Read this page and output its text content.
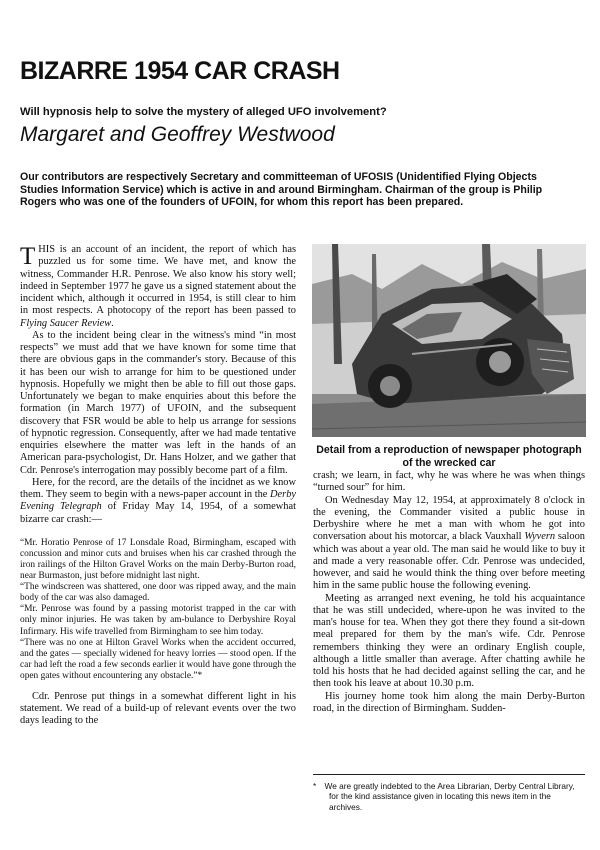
BIZARRE 1954 CAR CRASH
Will hypnosis help to solve the mystery of alleged UFO involvement?
Margaret and Geoffrey Westwood

Our contributors are respectively Secretary and committeeman of UFOSIS (Unidentified Flying Objects Studies Information Service) which is active in and around Birmingham. Chairman of the group is Philip Rogers who was one of the founders of UFOIN, for whom this report has been prepared.

THIS is an account of an incident, the report of which has puzzled us for some time. We have met, and know the witness, Commander H.R. Penrose. We also know his story well; indeed in September 1977 he gave us a signed statement about the incident which, although it occurred in 1954, is still clear to him in most respects. A photocopy of the report has been passed to Flying Saucer Review.

As to the incident being clear in the witness's mind “in most respects” we must add that we have known for some time that there are obvious gaps in the commander's story. Because of this it has been our wish to arrange for him to be questioned under hypnosis. Hopefully we might then be able to fill out those gaps. Unfortunately we began to make enquiries about this before the formation (in March 1977) of UFOIN, and the subsequent discovery that FSR would be able to help us arrange for sessions of hypnotic regression. Consequently, after we had made tentative enquiries elsewhere the matter was left in the hands of an American para-psychologist, Dr. Hans Holzer, and we gather that Cdr. Penrose's interrogation may possibly become part of a film.

Here, for the record, are the details of the incidnet as we know them. They seem to begin with a news-paper account in the Derby Evening Telegraph of Friday May 14, 1954, of a somewhat bizarre car crash:—

“Mr. Horatio Penrose of 17 Lonsdale Road, Birmingham, escaped with concussion and minor cuts and bruises when his car crashed through the iron railings of the Hilton Gravel Works on the main Derby-Burton road, near Burmaston, just before midnight last night.

“The windscreen was shattered, one door was ripped away, and the main body of the car was also damaged.

“Mr. Penrose was found by a passing motorist trapped in the car with only minor injuries. He was taken by am-bulance to Derbyshire Royal Infirmary. His wife travelled from Birmingham to see him today.

“There was no one at Hilton Gravel Works when the accident occurred, and the gates — specially widened for heavy lorries — stood open. If the car had left the road a few seconds earlier it would have gone through the open gates without encountering any obstacle.”*

Cdr. Penrose put things in a somewhat different light in his statement. We read of a build-up of relevant events over the two days leading to the

Detail from a reproduction of newspaper photograph of the wrecked car

crash; we learn, in fact, why he was where he was when things “turned sour” for him.

On Wednesday May 12, 1954, at approximately 8 o'clock in the evening, the Commander visited a public house in Derbyshire where he met a man with whom he got into conversation about his motorcar, a black Vauxhall Wyvern saloon which was about a year old. The man said he would like to buy it and made a very reasonable offer. Cdr. Penrose was undecided, however, and said he would think the thing over before meeting him in the same public house the following evening.

Meeting as arranged next evening, he told his acquaintance that he was still undecided, where-upon he was invited to the man's house for tea. When they got there they found a sit-down meal prepared for them by the man's wife. Cdr. Penrose remembers thinking they were an ordinary English couple, although a little smaller than average. After chatting awhile he told his hosts that he had decided against selling the car, and he then took his leave at about 10.30 p.m.

His journey home took him along the main Derby-Burton road, in the direction of Birmingham. Sudden-

* We are greatly indebted to the Area Librarian, Derby Central Library, for the kind assistance given in locating this news item in the archives.
